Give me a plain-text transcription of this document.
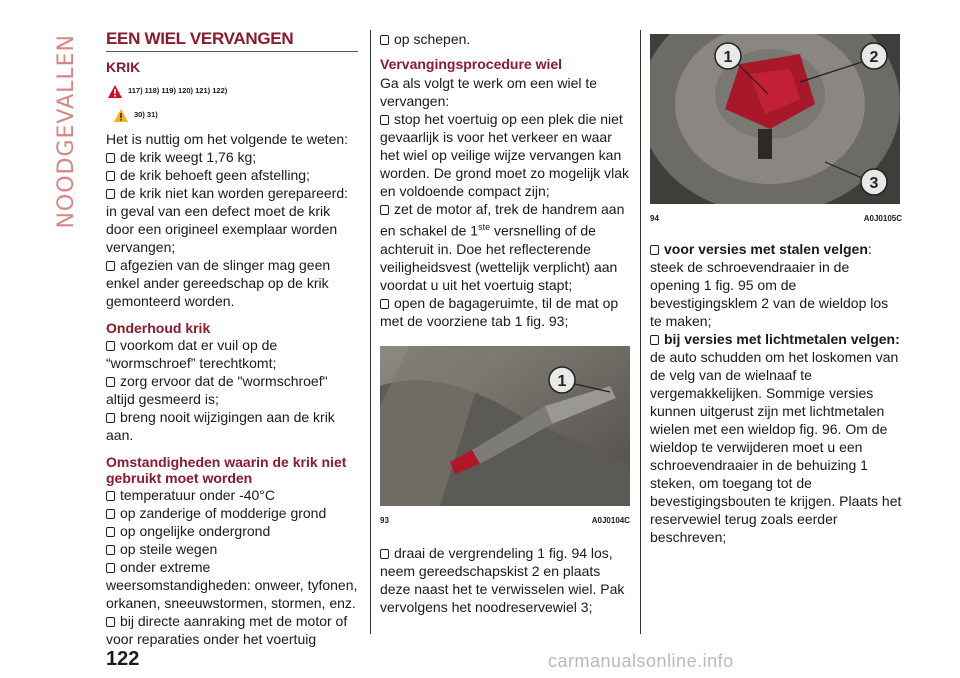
NOODGEVALLEN EEN WIEL VERVANGEN
KRIK
117) 118) 119) 120) 121) 122)
30) 31)

Het is nuttig om het volgende te weten:

de krik weegt 1,76 kg;

de krik behoeft geen afstelling;

de krik niet kan worden gerepareerd: in geval van een defect moet de krik door een origineel exemplaar worden vervangen;

afgezien van de slinger mag geen enkel ander gereedschap op de krik gemonteerd worden.

Onderhoud krik

voorkom dat er vuil op de “wormschroef” terechtkomt;

zorg ervoor dat de "wormschroef" altijd gesmeerd is;

breng nooit wijzigingen aan de krik aan.

Omstandigheden waarin de krik niet gebruikt moet worden

temperatuur onder -40°C

op zanderige of modderige grond

op ongelijke ondergrond

op steile wegen

onder extreme weersomstandigheden: onweer, tyfonen, orkanen, sneeuwstormen, stormen, enz.

bij directe aanraking met de motor of voor reparaties onder het voertuig

op schepen.

Vervangingsprocedure wiel

Ga als volgt te werk om een wiel te vervangen:

stop het voertuig op een plek die niet gevaarlijk is voor het verkeer en waar het wiel op veilige wijze vervangen kan worden. De grond moet zo mogelijk vlak en voldoende compact zijn;

zet de motor af, trek de handrem aan en schakel de 1ste versnelling of de achteruit in. Doe het reflecterende veiligheidsvest (wettelijk verplicht) aan voordat u uit het voertuig stapt;

open de bagageruimte, til de mat op met de voorziene tab 1 fig. 93;

1
93	A0J0104C

draai de vergrendeling 1 fig. 94 los, neem gereedschapskist 2 en plaats deze naast het te verwisselen wiel. Pak vervolgens het noodreservewiel 3;

1	2
3
94	A0J0105C

voor versies met stalen velgen: steek de schroevendraaier in de opening 1 fig. 95 om de bevestigingsklem 2 van de wieldop los te maken;

bij versies met lichtmetalen velgen:

de auto schudden om het loskomen van de velg van de wielnaaf te vergemakkelijken. Sommige versies kunnen uitgerust zijn met lichtmetalen wielen met een wieldop fig. 96. Om de wieldop te verwijderen moet u een schroevendraaier in de behuizing 1 steken, om toegang tot de bevestigingsbouten te krijgen. Plaats het reservewiel terug zoals eerder beschreven;

122	carmanualsonline.info
